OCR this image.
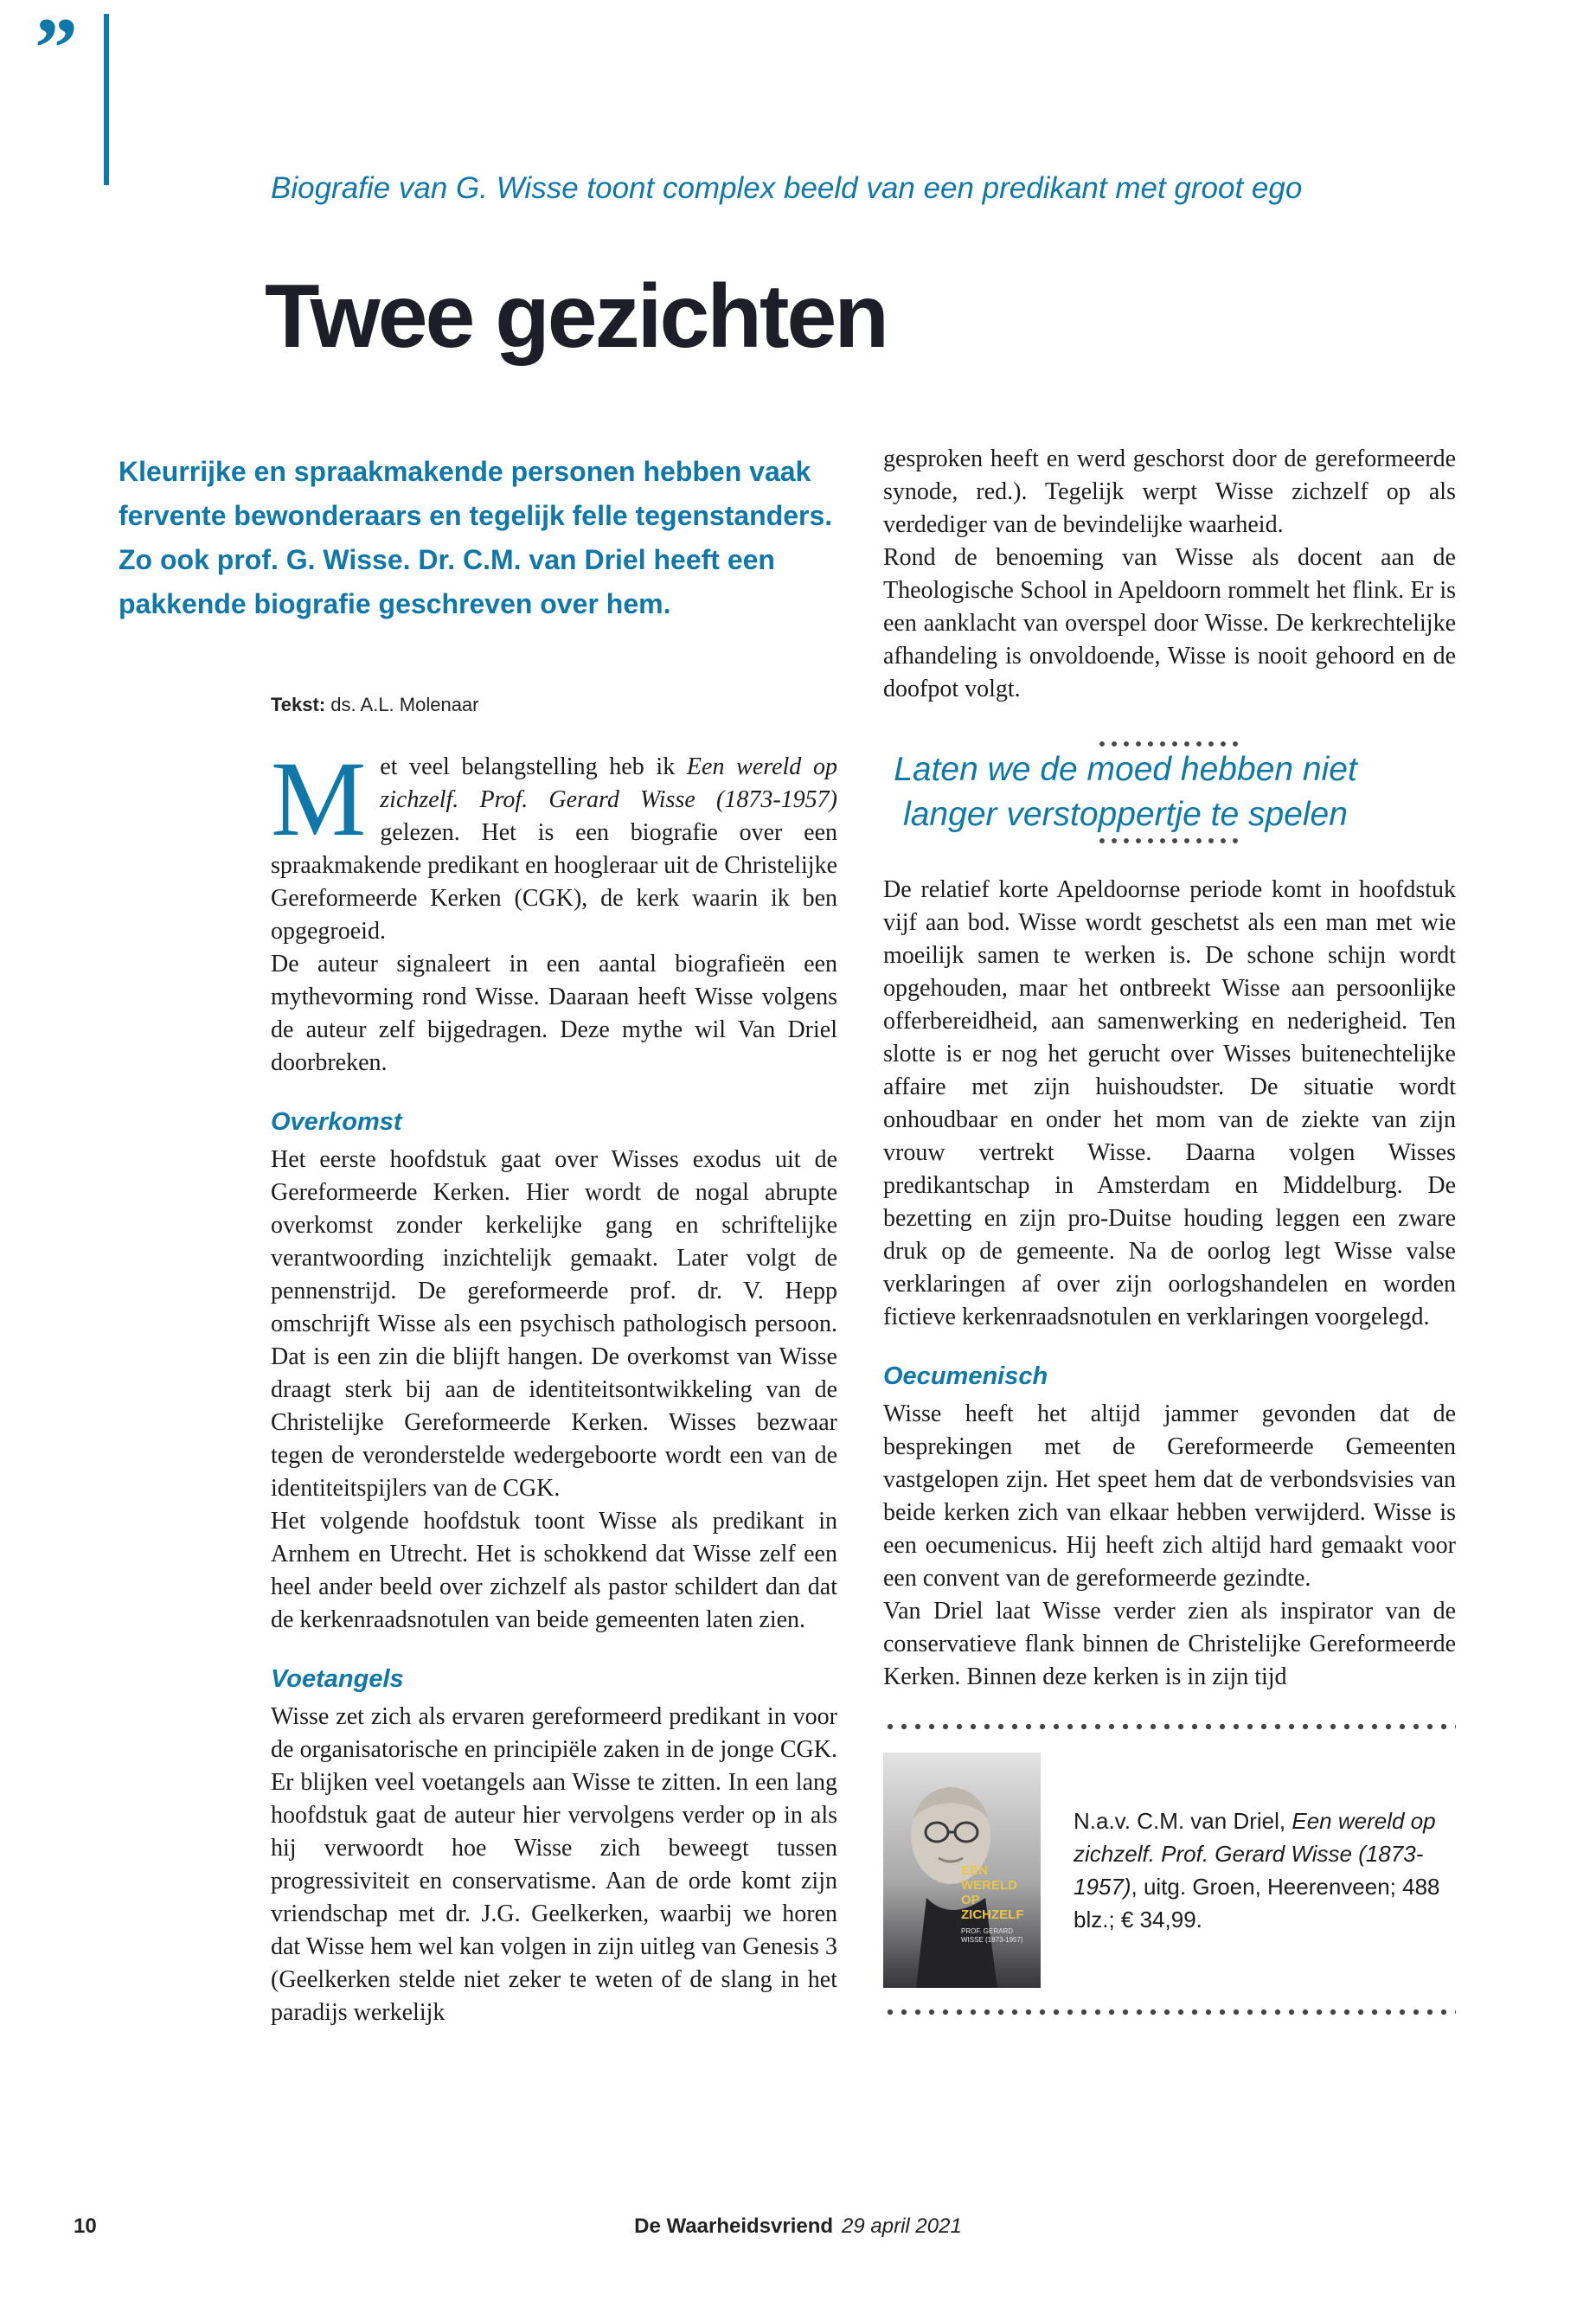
”
Biografie van G. Wisse toont complex beeld van een predikant met groot ego
Twee gezichten

Kleurrijke en spraakmakende personen hebben vaak fervente bewonderaars en tegelijk felle tegenstanders. Zo ook prof. G. Wisse. Dr. C.M. van Driel heeft een pakkende biografie geschreven over hem.

Tekst: ds. A.L. Molenaar

Met veel belangstelling heb ik Een wereld op zichzelf. Prof. Gerard Wisse (1873-1957) gelezen. Het is een biografie over een spraakmakende predikant en hoogleraar uit de Christelijke Gereformeerde Kerken (CGK), de kerk waarin ik ben opgegroeid.

De auteur signaleert in een aantal biografieën een mythevorming rond Wisse. Daaraan heeft Wisse volgens de auteur zelf bijgedragen. Deze mythe wil Van Driel doorbreken.

Overkomst

Het eerste hoofdstuk gaat over Wisses exodus uit de Gereformeerde Kerken. Hier wordt de nogal abrupte overkomst zonder kerkelijke gang en schriftelijke verantwoording inzichtelijk gemaakt. Later volgt de pennenstrijd. De gereformeerde prof. dr. V. Hepp omschrijft Wisse als een psychisch pathologisch persoon. Dat is een zin die blijft hangen. De overkomst van Wisse draagt sterk bij aan de identiteitsontwikkeling van de Christelijke Gereformeerde Kerken. Wisses bezwaar tegen de veronderstelde wedergeboorte wordt een van de identiteitspijlers van de CGK.

Het volgende hoofdstuk toont Wisse als predikant in Arnhem en Utrecht. Het is schokkend dat Wisse zelf een heel ander beeld over zichzelf als pastor schildert dan dat de kerkenraadsnotulen van beide gemeenten laten zien.

Voetangels

Wisse zet zich als ervaren gereformeerd predikant in voor de organisatorische en principiële zaken in de jonge CGK. Er blijken veel voetangels aan Wisse te zitten. In een lang hoofdstuk gaat de auteur hier vervolgens verder op in als hij verwoordt hoe Wisse zich beweegt tussen progressiviteit en conservatisme. Aan de orde komt zijn vriendschap met dr. J.G. Geelkerken, waarbij we horen dat Wisse hem wel kan volgen in zijn uitleg van Genesis 3 (Geelkerken stelde niet zeker te weten of de slang in het paradijs werkelijk

gesproken heeft en werd geschorst door de gereformeerde synode, red.). Tegelijk werpt Wisse zichzelf op als verdediger van de bevindelijke waarheid.

Rond de benoeming van Wisse als docent aan de Theologische School in Apeldoorn rommelt het flink. Er is een aanklacht van overspel door Wisse. De kerkrechtelijke afhandeling is onvoldoende, Wisse is nooit gehoord en de doofpot volgt.

Laten we de moed hebben niet langer verstoppertje te spelen

De relatief korte Apeldoornse periode komt in hoofdstuk vijf aan bod. Wisse wordt geschetst als een man met wie moeilijk samen te werken is. De schone schijn wordt opgehouden, maar het ontbreekt Wisse aan persoonlijke offerbereidheid, aan samenwerking en nederigheid. Ten slotte is er nog het gerucht over Wisses buitenechtelijke affaire met zijn huishoudster. De situatie wordt onhoudbaar en onder het mom van de ziekte van zijn vrouw vertrekt Wisse. Daarna volgen Wisses predikantschap in Amsterdam en Middelburg. De bezetting en zijn pro-Duitse houding leggen een zware druk op de gemeente. Na de oorlog legt Wisse valse verklaringen af over zijn oorlogshandelen en worden fictieve kerkenraadsnotulen en verklaringen voorgelegd.

Oecumenisch

Wisse heeft het altijd jammer gevonden dat de besprekingen met de Gereformeerde Gemeenten vastgelopen zijn. Het speet hem dat de verbondsvisies van beide kerken zich van elkaar hebben verwijderd. Wisse is een oecumenicus. Hij heeft zich altijd hard gemaakt voor een convent van de gereformeerde gezindte.

Van Driel laat Wisse verder zien als inspirator van de conservatieve flank binnen de Christelijke Gereformeerde Kerken. Binnen deze kerken is in zijn tijd

EEN WERELD OP ZICHZELF
PROF. GERARD WISSE (1873-1957)

N.a.v. C.M. van Driel, Een wereld op zichzelf. Prof. Gerard Wisse (1873-1957), uitg. Groen, Heerenveen; 488 blz.; € 34,99.

10	De Waarheidsvriend 29 april 2021
